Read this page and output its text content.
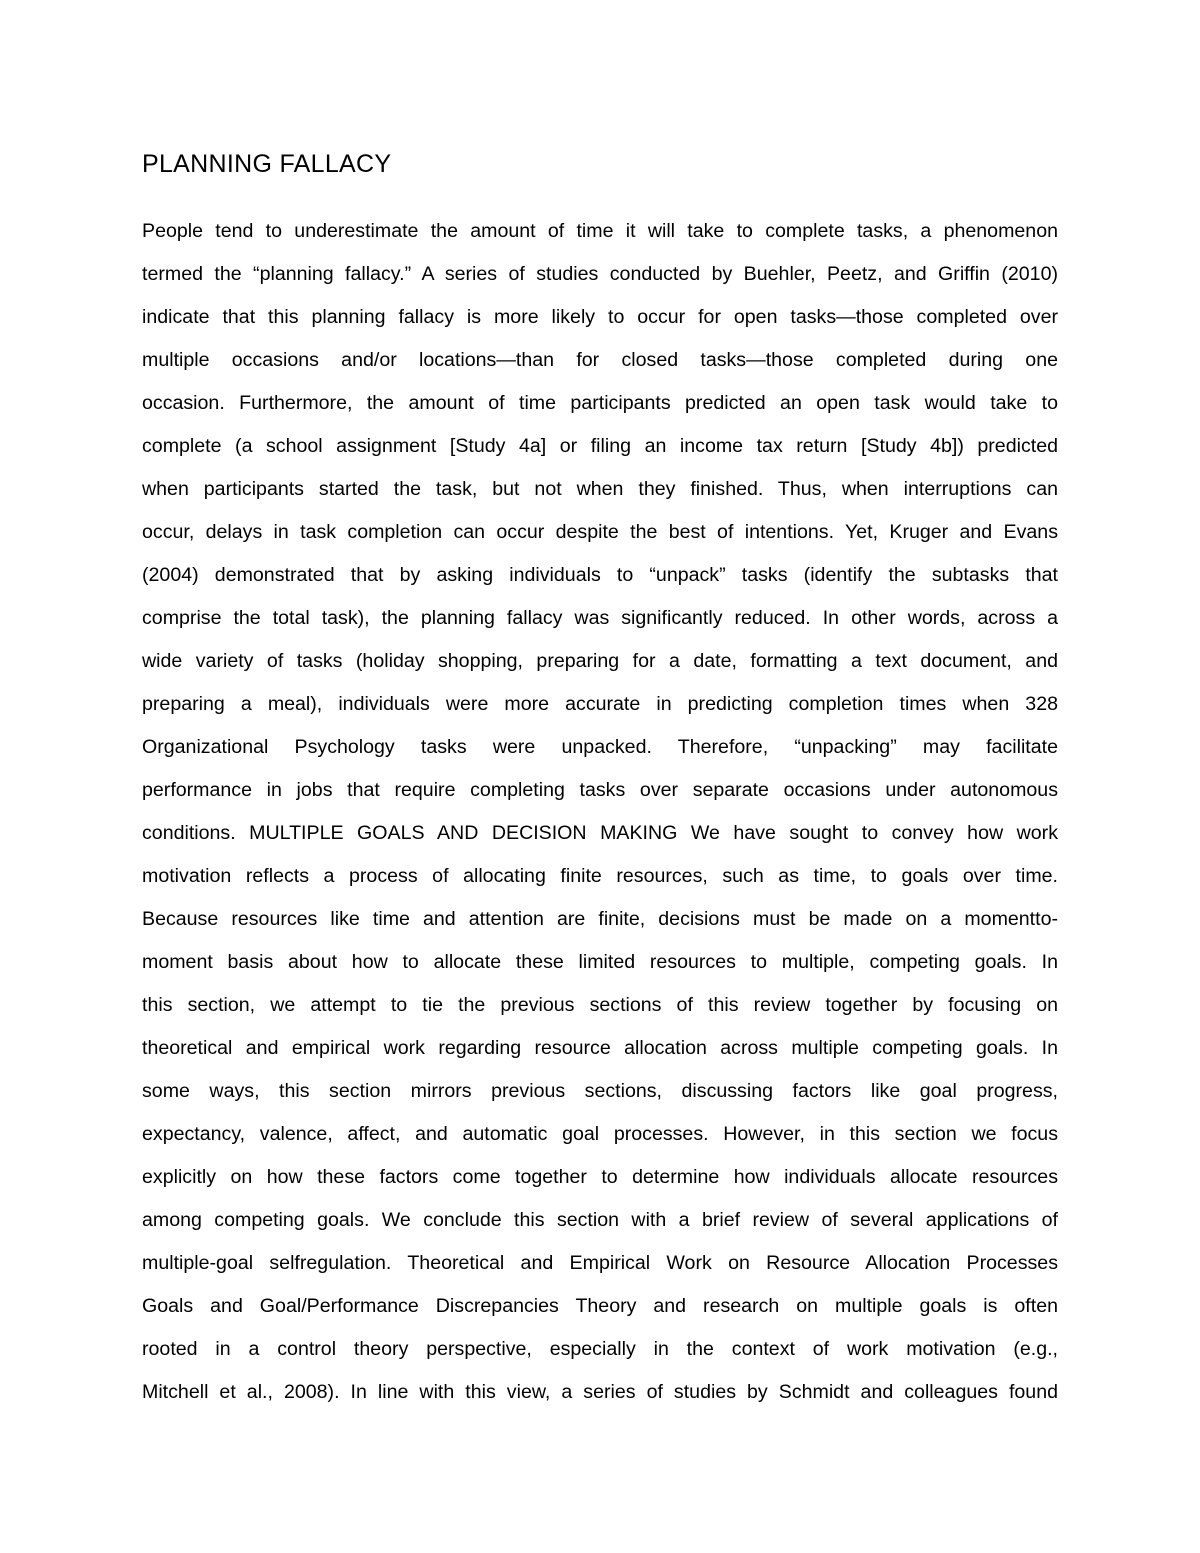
PLANNING FALLACY
People tend to underestimate the amount of time it will take to complete tasks, a phenomenon
termed the “planning fallacy.” A series of studies conducted by Buehler, Peetz, and Griffin (2010)
indicate that this planning fallacy is more likely to occur for open tasks—those completed over
multiple occasions and/or locations—than for closed tasks—those completed during one
occasion. Furthermore, the amount of time participants predicted an open task would take to
complete (a school assignment [Study 4a] or filing an income tax return [Study 4b]) predicted
when participants started the task, but not when they finished. Thus, when interruptions can
occur, delays in task completion can occur despite the best of intentions. Yet, Kruger and Evans
(2004) demonstrated that by asking individuals to “unpack” tasks (identify the subtasks that
comprise the total task), the planning fallacy was significantly reduced. In other words, across a
wide variety of tasks (holiday shopping, preparing for a date, formatting a text document, and
preparing a meal), individuals were more accurate in predicting completion times when 328
Organizational Psychology tasks were unpacked. Therefore, “unpacking” may facilitate
performance in jobs that require completing tasks over separate occasions under autonomous
conditions. MULTIPLE GOALS AND DECISION MAKING We have sought to convey how work
motivation reflects a process of allocating finite resources, such as time, to goals over time.
Because resources like time and attention are finite, decisions must be made on a momentto-
moment basis about how to allocate these limited resources to multiple, competing goals. In
this section, we attempt to tie the previous sections of this review together by focusing on
theoretical and empirical work regarding resource allocation across multiple competing goals. In
some ways, this section mirrors previous sections, discussing factors like goal progress,
expectancy, valence, affect, and automatic goal processes. However, in this section we focus
explicitly on how these factors come together to determine how individuals allocate resources
among competing goals. We conclude this section with a brief review of several applications of
multiple-goal selfregulation. Theoretical and Empirical Work on Resource Allocation Processes
Goals and Goal/Performance Discrepancies Theory and research on multiple goals is often
rooted in a control theory perspective, especially in the context of work motivation (e.g.,
Mitchell et al., 2008). In line with this view, a series of studies by Schmidt and colleagues found
